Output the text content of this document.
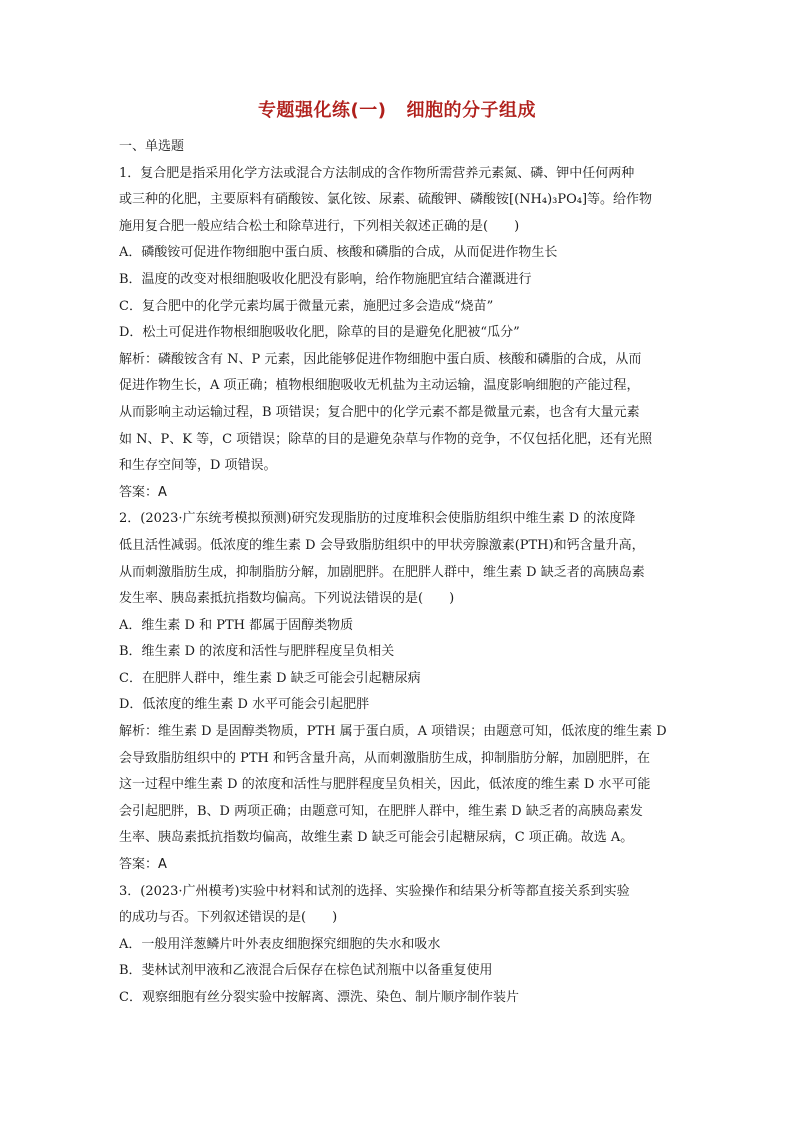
专题强化练(一) 细胞的分子组成
一、单选题
1．复合肥是指采用化学方法或混合方法制成的含作物所需营养元素氮、磷、钾中任何两种
或三种的化肥，主要原料有硝酸铵、氯化铵、尿素、硫酸钾、磷酸铵[(NH₄)₃PO₄]等。给作物
施用复合肥一般应结合松土和除草进行，下列相关叙述正确的是(　　)
A．磷酸铵可促进作物细胞中蛋白质、核酸和磷脂的合成，从而促进作物生长
B．温度的改变对根细胞吸收化肥没有影响，给作物施肥宜结合灌溉进行
C．复合肥中的化学元素均属于微量元素，施肥过多会造成“烧苗”
D．松土可促进作物根细胞吸收化肥，除草的目的是避免化肥被“瓜分”
解析：磷酸铵含有 N、P 元素，因此能够促进作物细胞中蛋白质、核酸和磷脂的合成，从而
促进作物生长，A 项正确；植物根细胞吸收无机盐为主动运输，温度影响细胞的产能过程，
从而影响主动运输过程，B 项错误；复合肥中的化学元素不都是微量元素，也含有大量元素
如 N、P、K 等，C 项错误；除草的目的是避免杂草与作物的竞争，不仅包括化肥，还有光照
和生存空间等，D 项错误。
答案：A
2．(2023·广东统考模拟预测)研究发现脂肪的过度堆积会使脂肪组织中维生素 D 的浓度降
低且活性减弱。低浓度的维生素 D 会导致脂肪组织中的甲状旁腺激素(PTH)和钙含量升高，
从而刺激脂肪生成，抑制脂肪分解，加剧肥胖。在肥胖人群中，维生素 D 缺乏者的高胰岛素
发生率、胰岛素抵抗指数均偏高。下列说法错误的是(　　)
A．维生素 D 和 PTH 都属于固醇类物质
B．维生素 D 的浓度和活性与肥胖程度呈负相关
C．在肥胖人群中，维生素 D 缺乏可能会引起糖尿病
D．低浓度的维生素 D 水平可能会引起肥胖
解析：维生素 D 是固醇类物质，PTH 属于蛋白质，A 项错误；由题意可知，低浓度的维生素 D
会导致脂肪组织中的 PTH 和钙含量升高，从而刺激脂肪生成，抑制脂肪分解，加剧肥胖，在
这一过程中维生素 D 的浓度和活性与肥胖程度呈负相关，因此，低浓度的维生素 D 水平可能
会引起肥胖，B、D 两项正确；由题意可知，在肥胖人群中，维生素 D 缺乏者的高胰岛素发
生率、胰岛素抵抗指数均偏高，故维生素 D 缺乏可能会引起糖尿病，C 项正确。故选 A。
答案：A
3．(2023·广州模考)实验中材料和试剂的选择、实验操作和结果分析等都直接关系到实验
的成功与否。下列叙述错误的是(　　)
A．一般用洋葱鳞片叶外表皮细胞探究细胞的失水和吸水
B．斐林试剂甲液和乙液混合后保存在棕色试剂瓶中以备重复使用
C．观察细胞有丝分裂实验中按解离、漂洗、染色、制片顺序制作装片
